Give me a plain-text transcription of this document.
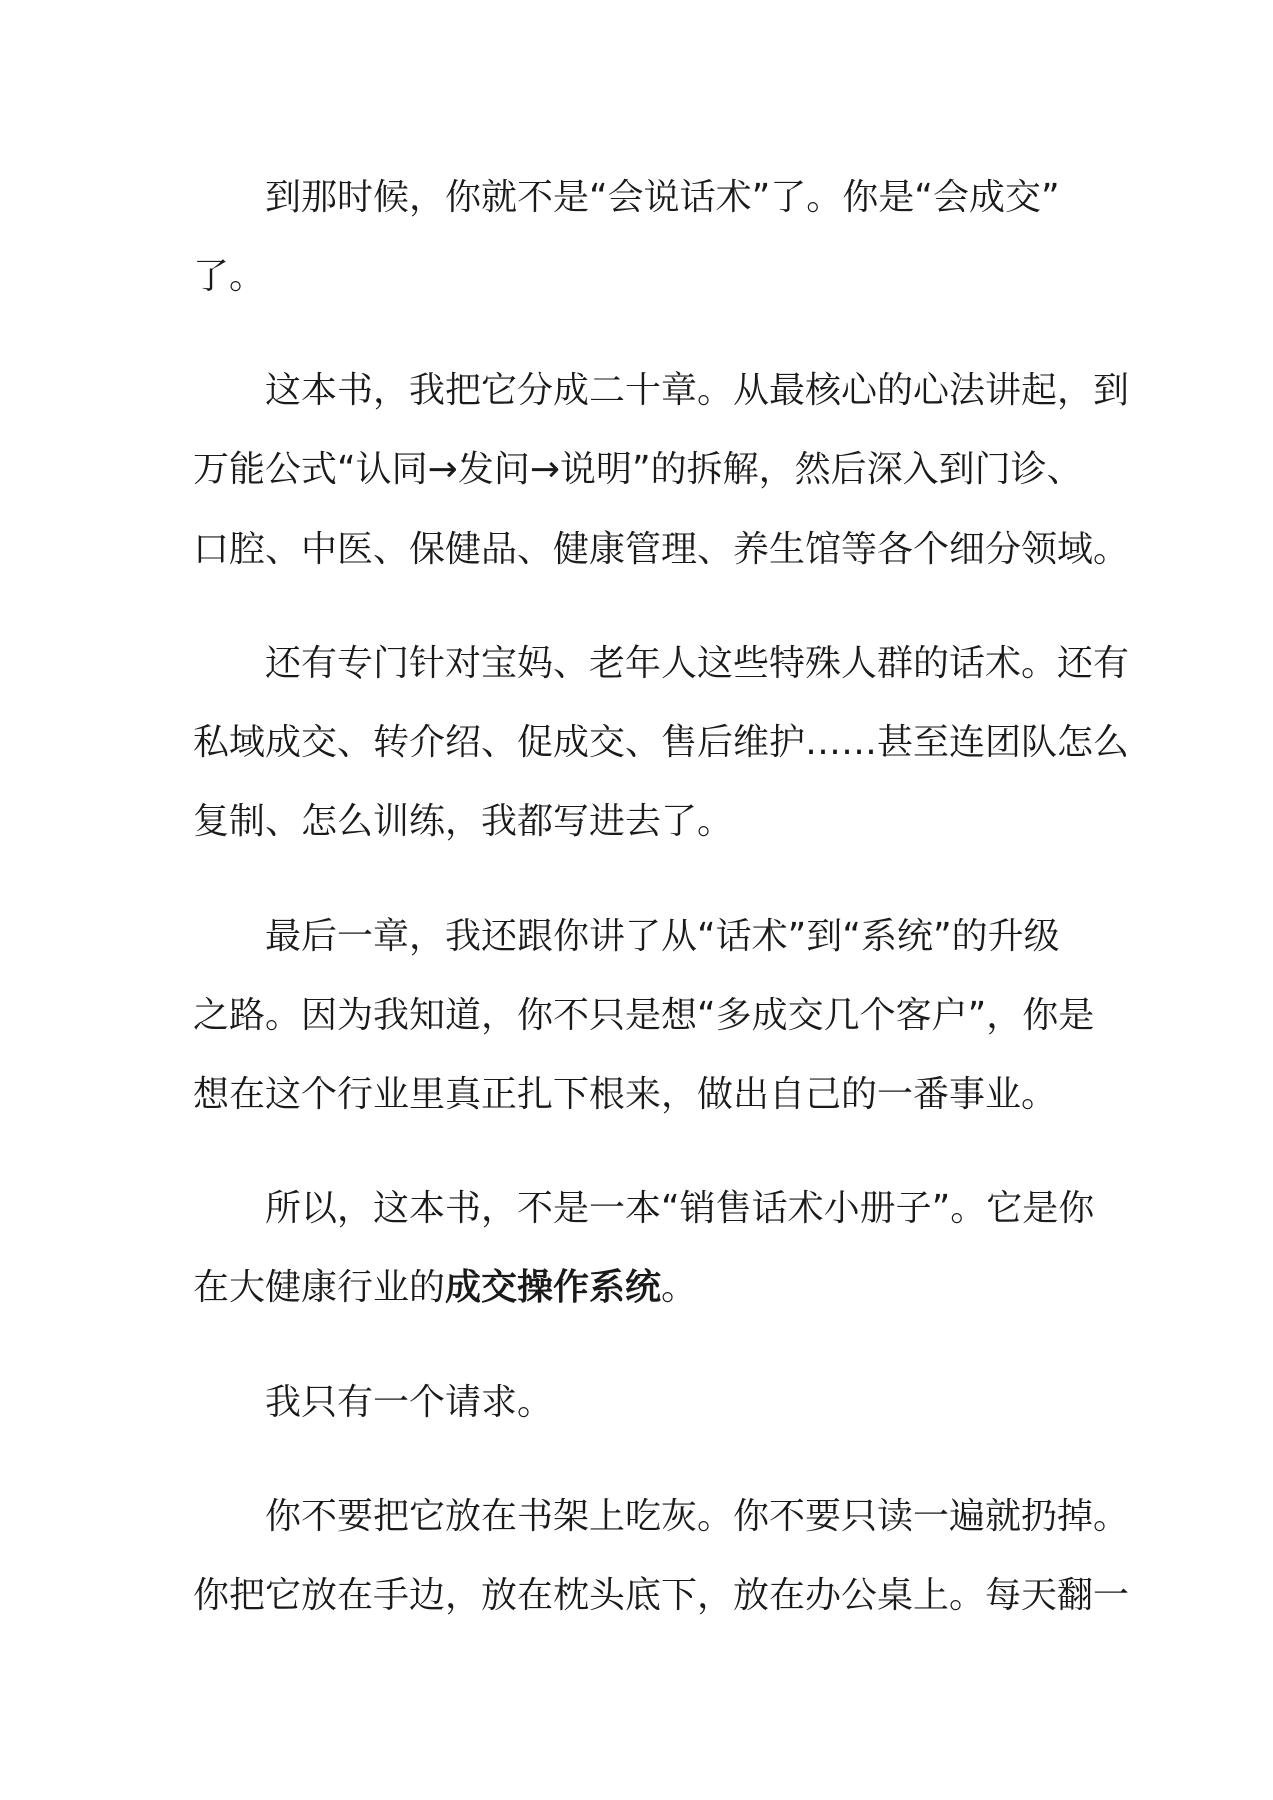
到那时候，你就不是“会说话术”了。你是“会成交”
了。
这本书，我把它分成二十章。从最核心的心法讲起，到
万能公式“认同→发问→说明”的拆解，然后深入到门诊、
口腔、中医、保健品、健康管理、养生馆等各个细分领域。
还有专门针对宝妈、老年人这些特殊人群的话术。还有
私域成交、转介绍、促成交、售后维护……甚至连团队怎么
复制、怎么训练，我都写进去了。
最后一章，我还跟你讲了从“话术”到“系统”的升级
之路。因为我知道，你不只是想“多成交几个客户”，你是
想在这个行业里真正扎下根来，做出自己的一番事业。
所以，这本书，不是一本“销售话术小册子”。它是你
在大健康行业的成交操作系统。
我只有一个请求。
你不要把它放在书架上吃灰。你不要只读一遍就扔掉。
你把它放在手边，放在枕头底下，放在办公桌上。每天翻一
